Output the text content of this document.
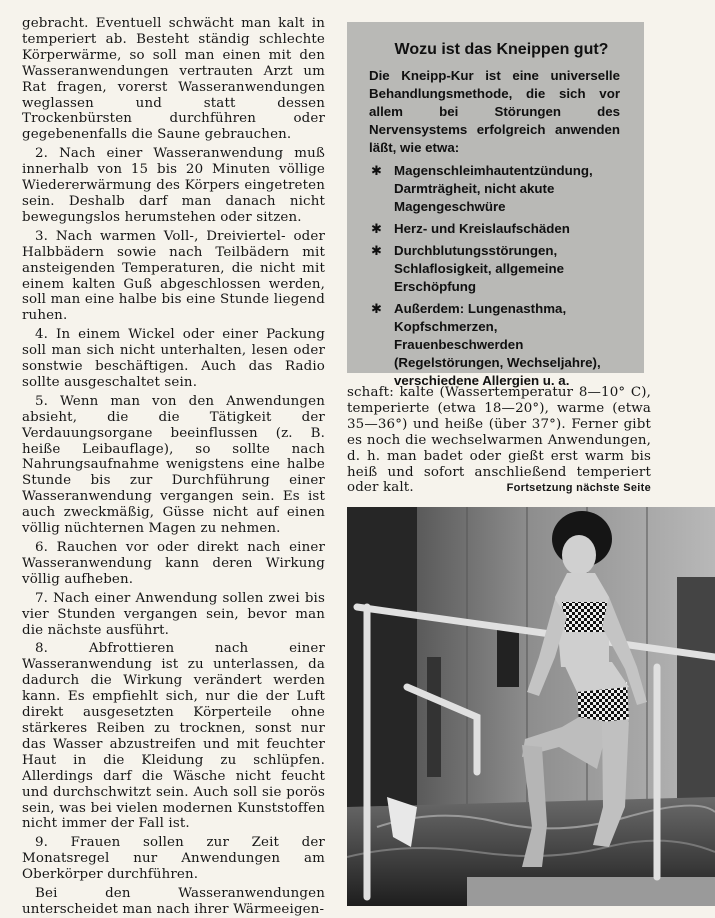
gebracht. Eventuell schwächt man kalt in temperiert ab. Besteht ständig schlechte Körperwärme, so soll man einen mit den Wasseranwendungen vertrauten Arzt um Rat fragen, vorerst Wasseranwendungen weglassen und statt dessen Trockenbürsten durchführen oder gegebenenfalls die Saune gebrauchen.

2. Nach einer Wasseranwendung muß innerhalb von 15 bis 20 Minuten völlige Wiedererwärmung des Körpers eingetreten sein. Deshalb darf man danach nicht bewegungslos herumstehen oder sitzen.

3. Nach warmen Voll-, Dreiviertel- oder Halbbädern sowie nach Teilbädern mit ansteigenden Temperaturen, die nicht mit einem kalten Guß abgeschlossen werden, soll man eine halbe bis eine Stunde liegend ruhen.

4. In einem Wickel oder einer Packung soll man sich nicht unterhalten, lesen oder sonstwie beschäftigen. Auch das Radio sollte ausgeschaltet sein.

5. Wenn man von den Anwendungen absieht, die die Tätigkeit der Verdauungsorgane beeinflussen (z. B. heiße Leibauflage), so sollte nach Nahrungsaufnahme wenigstens eine halbe Stunde bis zur Durchführung einer Wasseranwendung vergangen sein. Es ist auch zweckmäßig, Güsse nicht auf einen völlig nüchternen Magen zu nehmen.

6. Rauchen vor oder direkt nach einer Wasseranwendung kann deren Wirkung völlig aufheben.

7. Nach einer Anwendung sollen zwei bis vier Stunden vergangen sein, bevor man die nächste ausführt.

8. Abfrottieren nach einer Wasseranwendung ist zu unterlassen, da dadurch die Wirkung verändert werden kann. Es empfiehlt sich, nur die der Luft direkt ausgesetzten Körperteile ohne stärkeres Reiben zu trocknen, sonst nur das Wasser abzustreifen und mit feuchter Haut in die Kleidung zu schlüpfen. Allerdings darf die Wäsche nicht feucht und durchschwitzt sein. Auch soll sie porös sein, was bei vielen modernen Kunststoffen nicht immer der Fall ist.

9. Frauen sollen zur Zeit der Monatsregel nur Anwendungen am Oberkörper durchführen.

Bei den Wasseranwendungen unterscheidet man nach ihrer Wärmeeigen-

Wozu ist das Kneippen gut?

Die Kneipp-Kur ist eine universelle Behandlungsmethode, die sich vor allem bei Störungen des Nervensystems erfolgreich anwenden läßt, wie etwa:

✱ Magenschleimhautentzündung, Darmträgheit, nicht akute Magengeschwüre
✱ Herz- und Kreislaufschäden
✱ Durchblutungsstörungen, Schlaflosigkeit, allgemeine Erschöpfung
✱ Außerdem: Lungenasthma, Kopfschmerzen, Frauenbeschwerden (Regelstörungen, Wechseljahre), verschiedene Allergien u. a.

schaft: kalte (Wassertemperatur 8—10° C), temperierte (etwa 18—20°), warme (etwa 35—36°) und heiße (über 37°). Ferner gibt es noch die wechselwarmen Anwendungen, d. h. man badet oder gießt erst warm bis heiß und sofort anschließend temperiert oder kalt.	Fortsetzung nächste Seite
